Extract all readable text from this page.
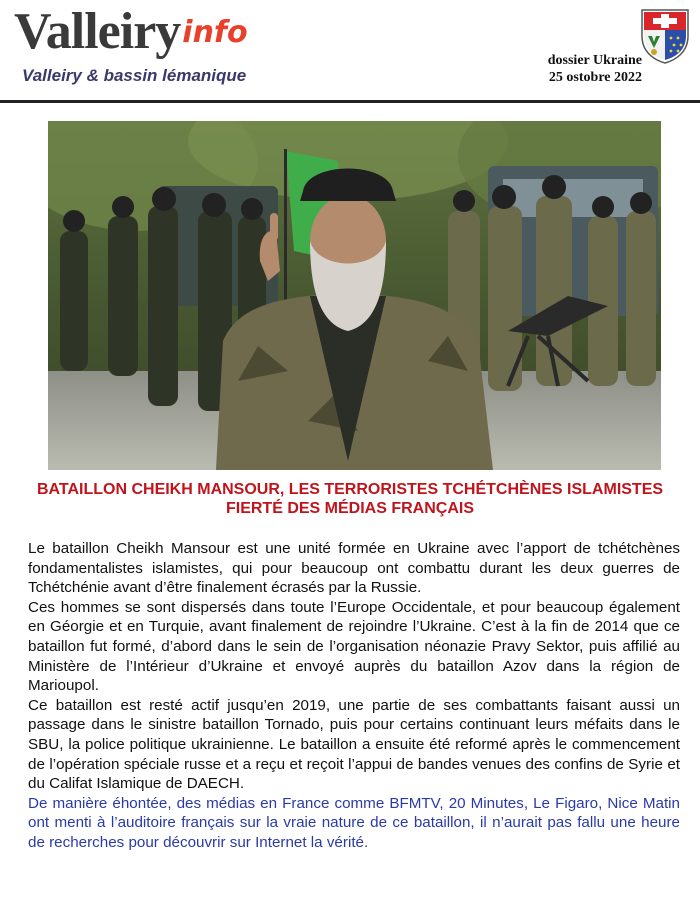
Valleiryinfo
Valleiry & bassin lémanique
dossier Ukraine
25 ostobre 2022
BATAILLON CHEIKH MANSOUR, LES TERRORISTES TCHÉTCHÈNES ISLAMISTES
FIERTÉ DES MÉDIAS FRANÇAIS

Le bataillon Cheikh Mansour est une unité formée en Ukraine avec l’apport de tchétchènes fondamentalistes islamistes, qui pour beaucoup ont combattu durant les deux guerres de Tchétchénie avant d’être finalement écrasés par la Russie.

Ces hommes se sont dispersés dans toute l’Europe Occidentale, et pour beaucoup également en Géorgie et en Turquie, avant finalement de rejoindre l’Ukraine. C’est à la fin de 2014 que ce bataillon fut formé, d’abord dans le sein de l’organisation néonazie Pravy Sektor, puis affilié au Ministère de l’Intérieur d’Ukraine et envoyé auprès du bataillon Azov dans la région de Marioupol.

Ce bataillon est resté actif jusqu’en 2019, une partie de ses combattants faisant aussi un passage dans le sinistre bataillon Tornado, puis pour certains continuant leurs méfaits dans le SBU, la police politique ukrainienne. Le bataillon a ensuite été reformé après le commencement de l’opération spéciale russe et a reçu et reçoit l’appui de bandes venues des confins de Syrie et du Califat Islamique de DAECH.

De manière éhontée, des médias en France comme BFMTV, 20 Minutes, Le Figaro, Nice Matin ont menti à l’auditoire français sur la vraie nature de ce bataillon, il n’aurait pas fallu une heure de recherches pour découvrir sur Internet la vérité.
